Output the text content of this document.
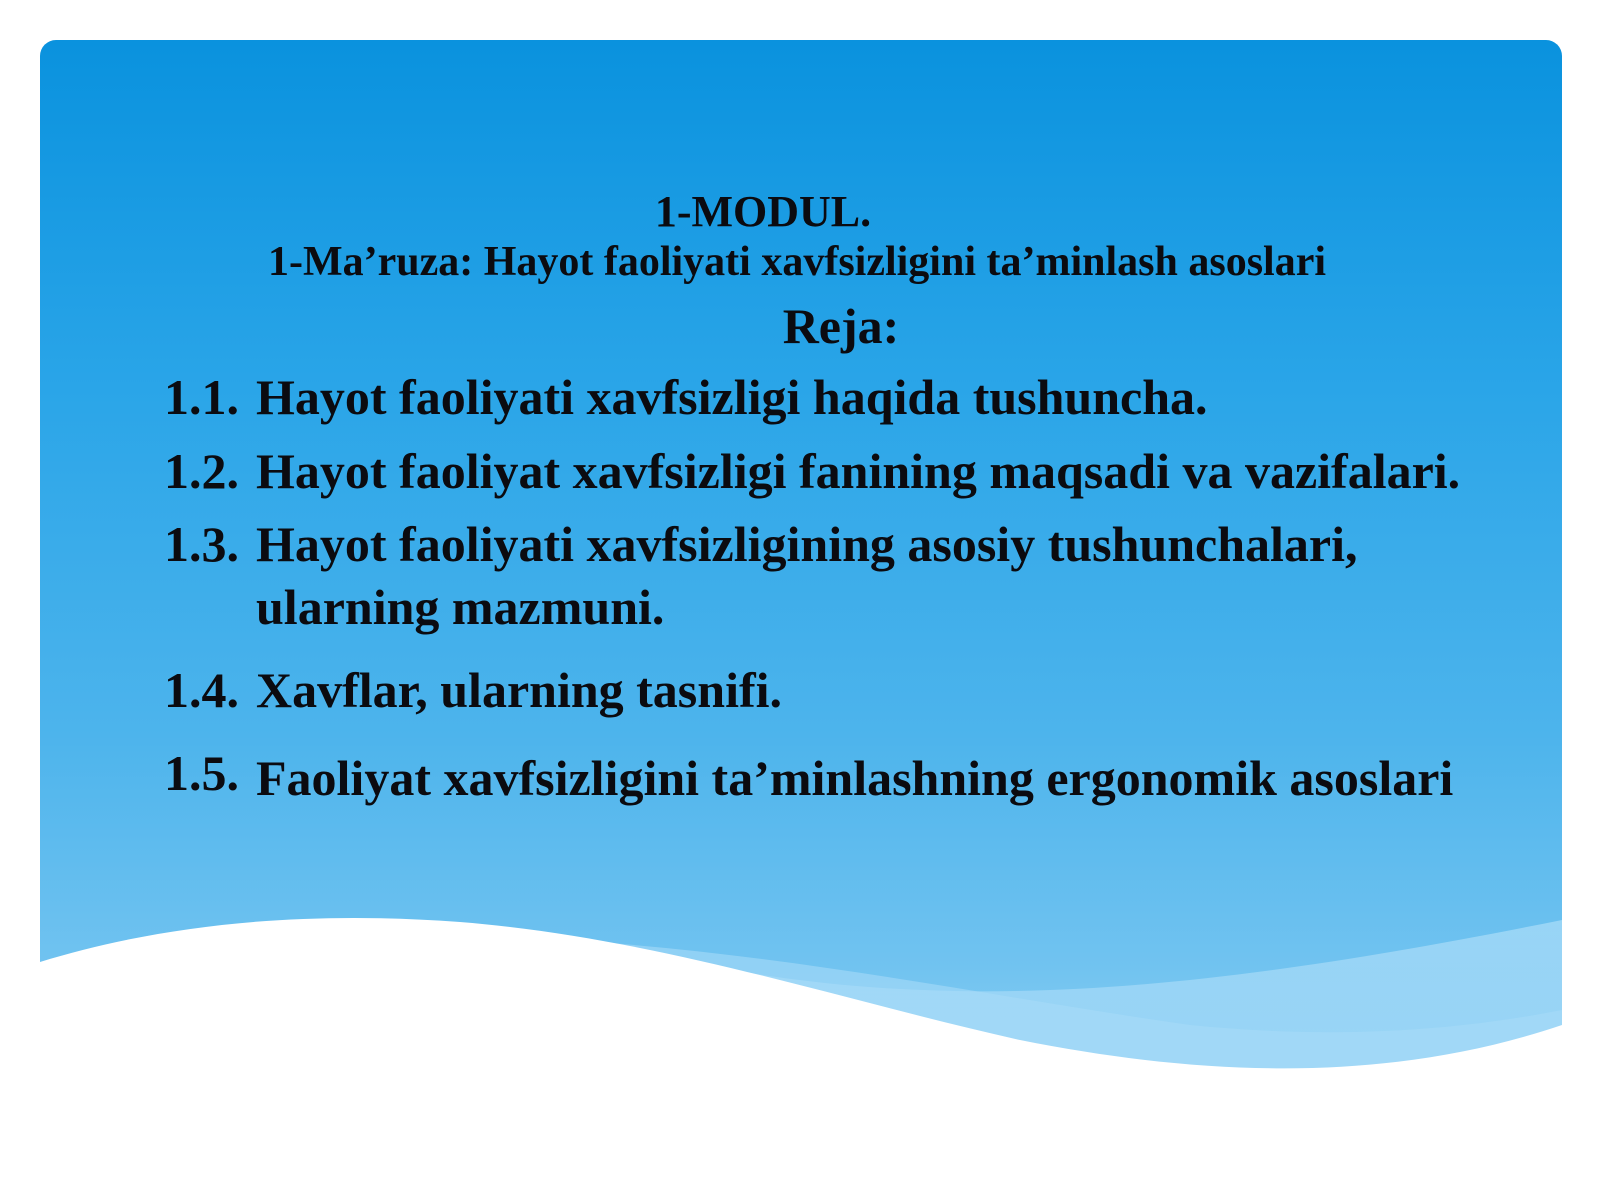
1-MODUL.
1-Ma’ruza: Hayot faoliyati xavfsizligini ta’minlash asoslari
Reja:
1.1. Hayot faoliyati xavfsizligi haqida tushuncha.
1.2. Hayot faoliyat xavfsizligi fanining maqsadi va vazifalari.
1.3. Hayot faoliyati xavfsizligining asosiy tushunchalari, ularning mazmuni.
1.4. Xavflar, ularning tasnifi.
1.5. Faoliyat xavfsizligini ta’minlashning ergonomik asoslari
